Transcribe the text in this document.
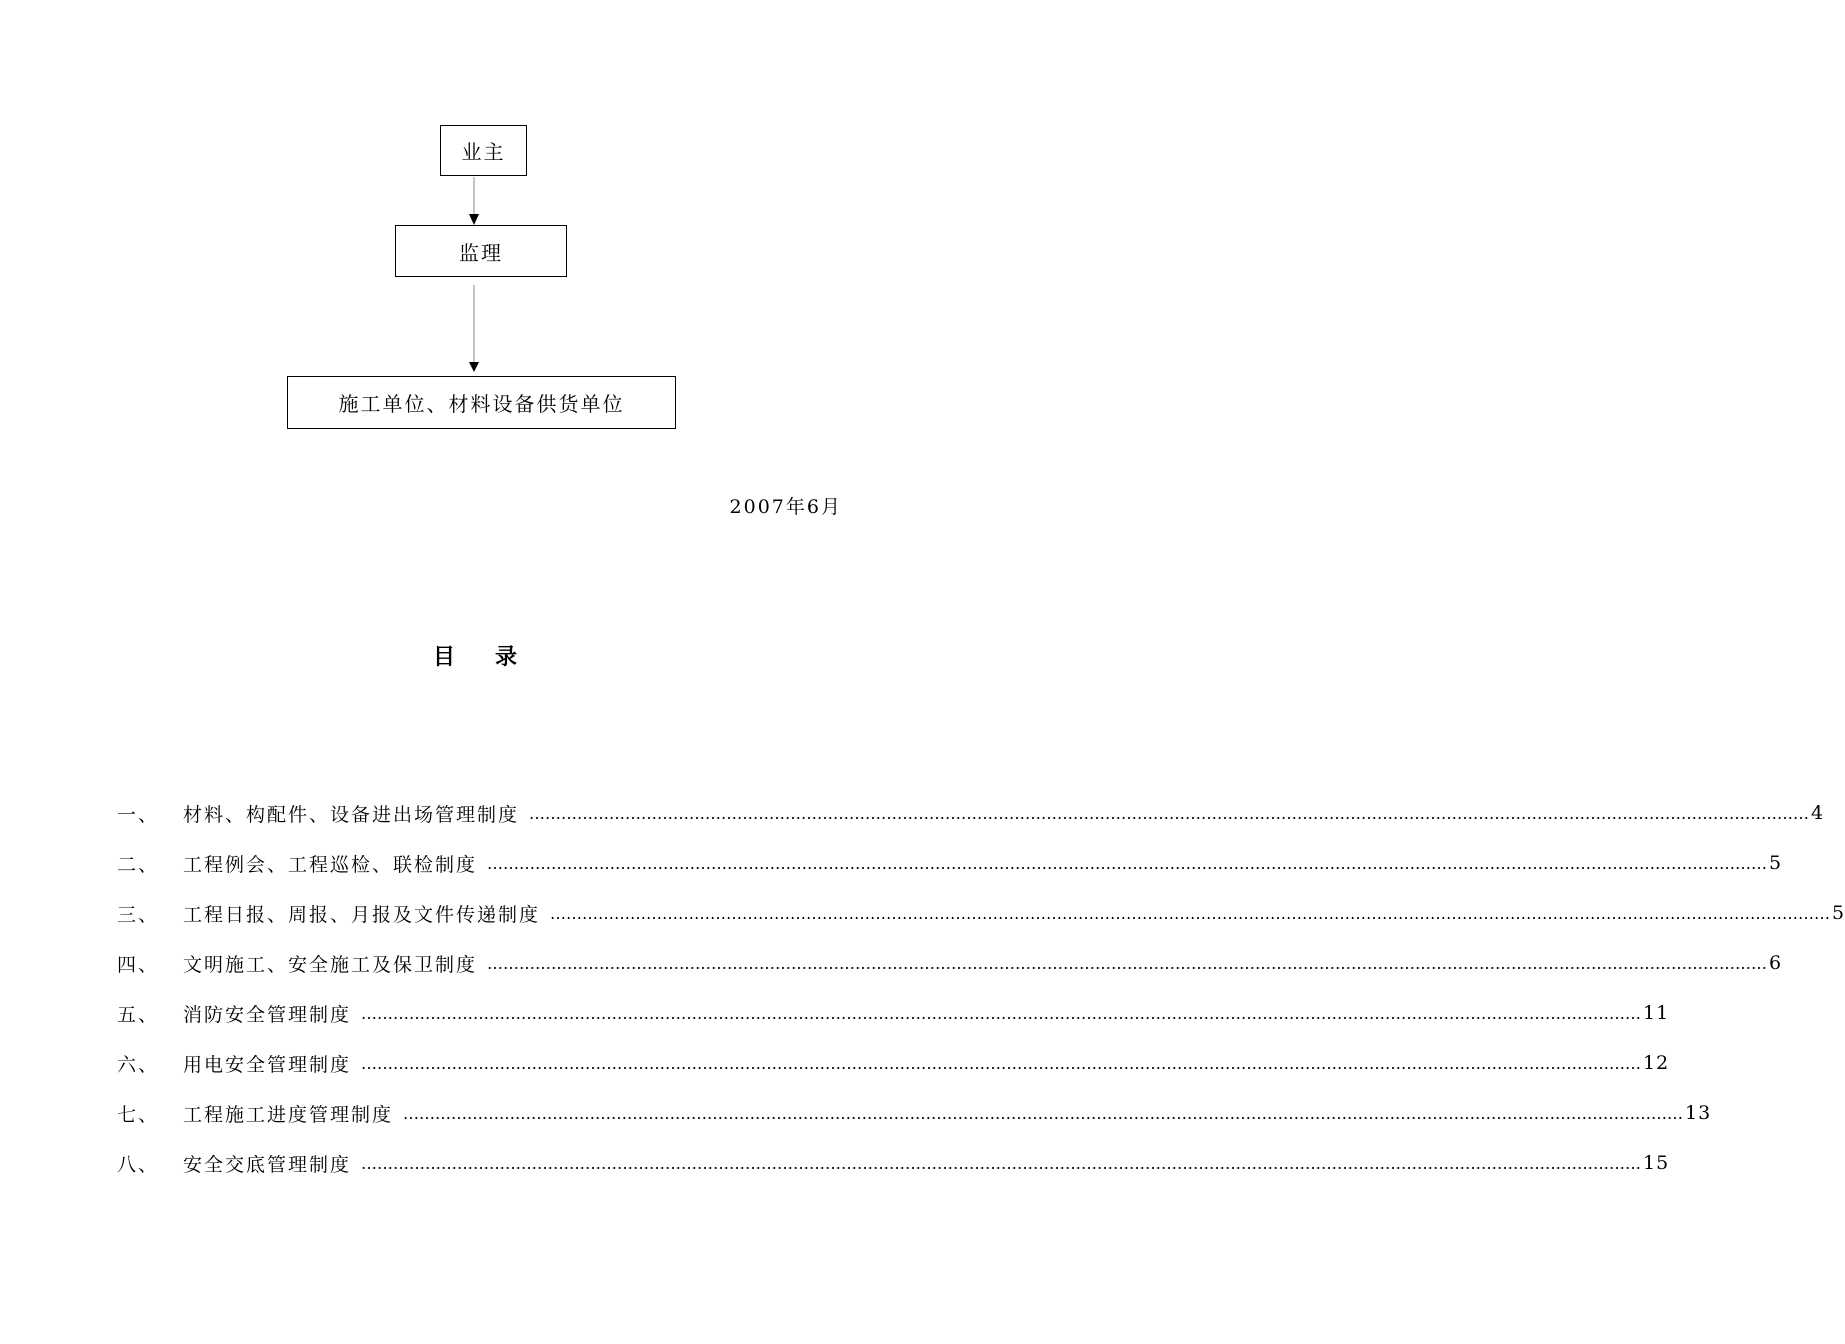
业主
监理
施工单位、材料设备供货单位
2007年6月
目录
一、	材料、构配件、设备进出场管理制度 …………………………………………………………………………………………………………………………………………………………………………………………………………………… 4
二、	工程例会、工程巡检、联检制度 …………………………………………………………………………………………………………………………………………………………………………………………………………………… 5
三、	工程日报、周报、月报及文件传递制度 …………………………………………………………………………………………………………………………………………………………………………………………………………………… 5
四、	文明施工、安全施工及保卫制度 …………………………………………………………………………………………………………………………………………………………………………………………………………………… 6
五、	消防安全管理制度 …………………………………………………………………………………………………………………………………………………………………………………………………………………… 11
六、	用电安全管理制度 …………………………………………………………………………………………………………………………………………………………………………………………………………………… 12
七、	工程施工进度管理制度 …………………………………………………………………………………………………………………………………………………………………………………………………………………… 13
八、	安全交底管理制度 …………………………………………………………………………………………………………………………………………………………………………………………………………………… 15
